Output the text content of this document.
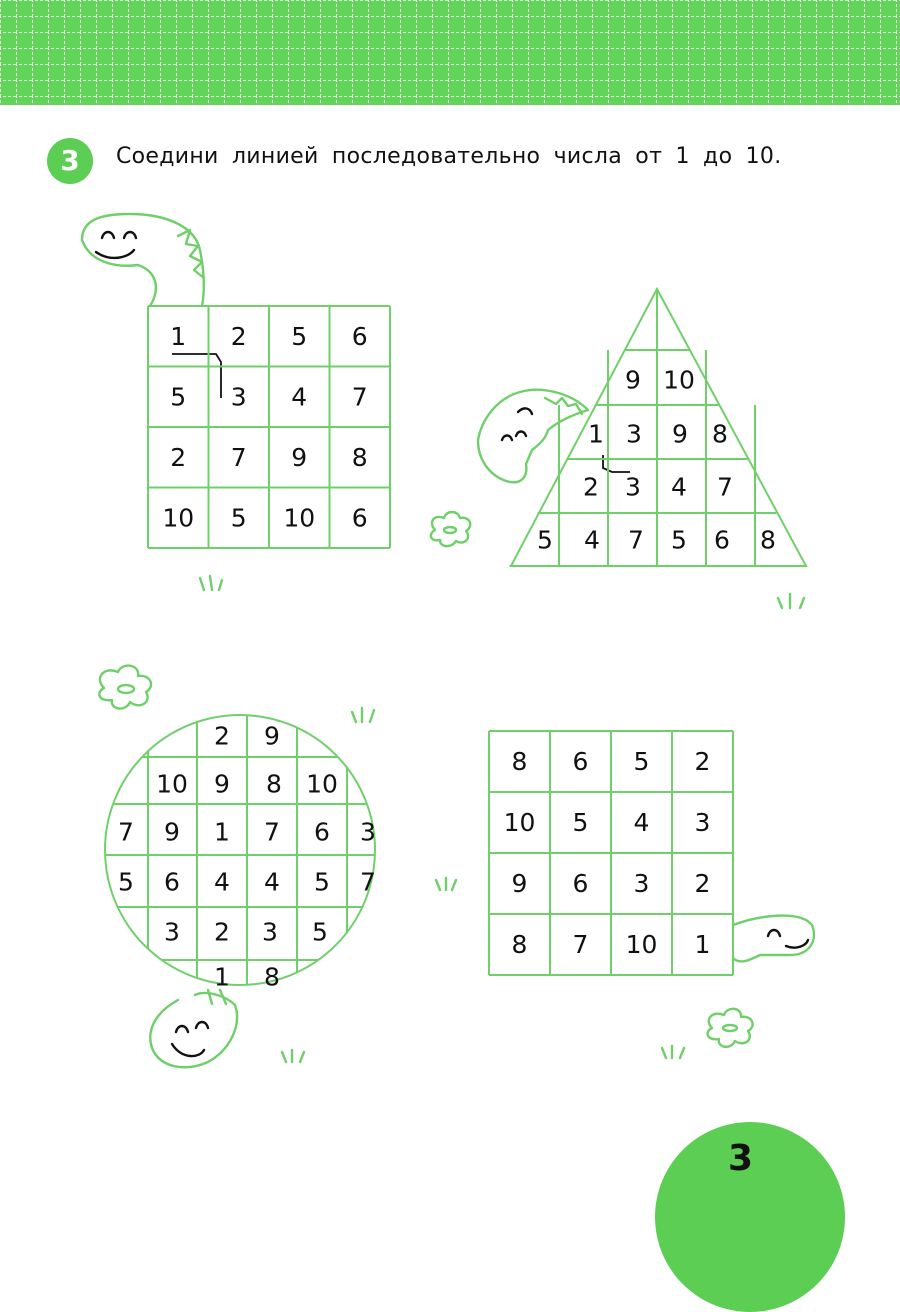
3	Соедини линией последовательно числа от 1 до 10.
1 2 5 6
5 3 4 7
2 7 9 8
10 5 10 6
9 10
1 3 9 8
2 3 4 7
5 4 7 5 6 8
2 9
10 9 8 10
7 9 1 7 6 3
5 6 4 4 5 7
3 2 3 5
1 8
8 6 5 2
10 5 4 3
9 6 3 2
8 7 10 1
3
